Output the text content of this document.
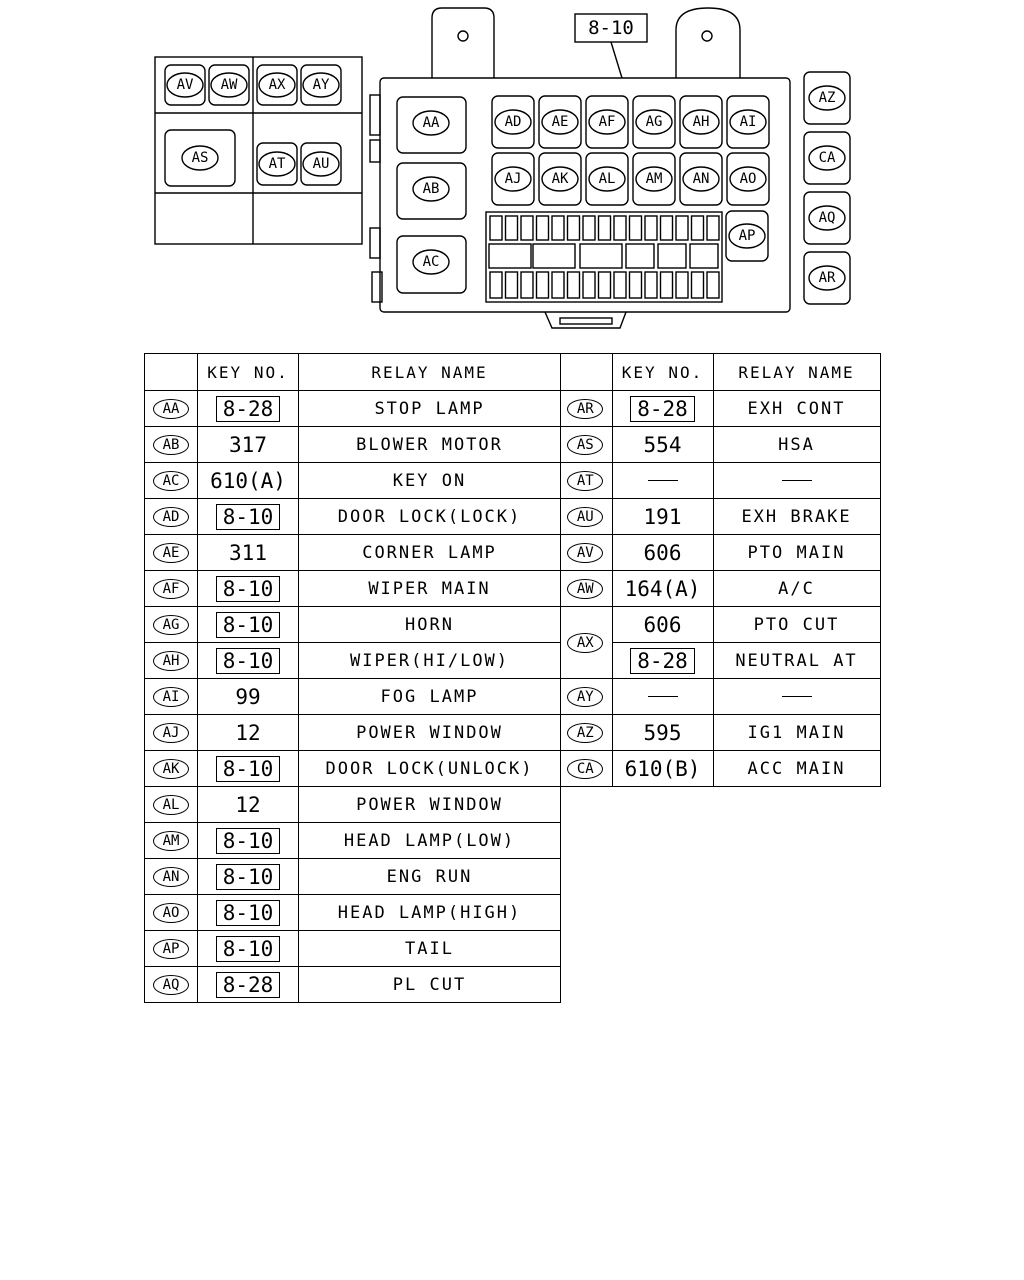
AV AW AX AY
AS	AT AU
8-10
AA
AB
AC
AD
AJ
AE
AK
AF
AL
AG
AM
AH
AN
AI
AO
AP
AZ
CA
AQ
AR
	KEY NO.	RELAY NAME
AA	8-28	STOP LAMP
AB	317	BLOWER MOTOR
AC	610(A)	KEY ON
AD	8-10	DOOR LOCK(LOCK)
AE	311	CORNER LAMP
AF	8-10	WIPER MAIN
AG	8-10	HORN
AH	8-10	WIPER(HI/LOW)
AI	99	FOG LAMP
AJ	12	POWER WINDOW
AK	8-10	DOOR LOCK(UNLOCK)
AL	12	POWER WINDOW
AM	8-10	HEAD LAMP(LOW)
AN	8-10	ENG RUN
AO	8-10	HEAD LAMP(HIGH)
AP	8-10	TAIL
AQ	8-28	PL CUT
	KEY NO.	RELAY NAME
AR	8-28	EXH CONT
AS	554	HSA
AT		
AU	191	EXH BRAKE
AV	606	PTO MAIN
AW	164(A)	A/C
AX	606	PTO CUT
	8-28	NEUTRAL AT
AY		
AZ	595	IG1 MAIN
CA	610(B)	ACC MAIN
